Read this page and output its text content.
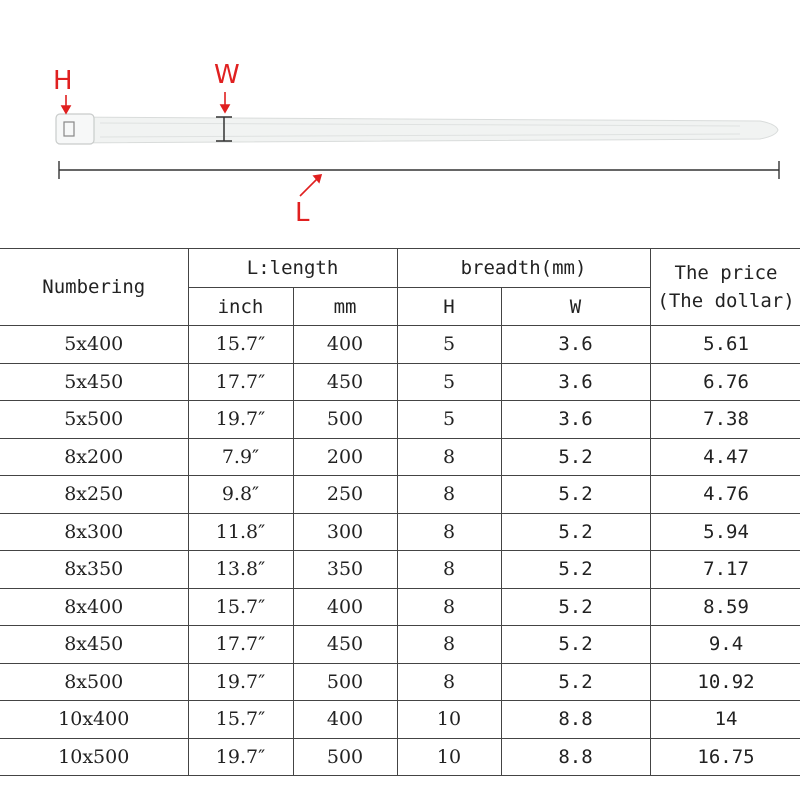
H	W
L
Numbering	L:length		breadth(mm)		The price
(The dollar)
	inch	mm	H	W	
5x400	15.7″	400	5	3.6	5.61
5x450	17.7″	450	5	3.6	6.76
5x500	19.7″	500	5	3.6	7.38
8x200	7.9″	200	8	5.2	4.47
8x250	9.8″	250	8	5.2	4.76
8x300	11.8″	300	8	5.2	5.94
8x350	13.8″	350	8	5.2	7.17
8x400	15.7″	400	8	5.2	8.59
8x450	17.7″	450	8	5.2	9.4
8x500	19.7″	500	8	5.2	10.92
10x400	15.7″	400	10	8.8	14
10x500	19.7″	500	10	8.8	16.75
